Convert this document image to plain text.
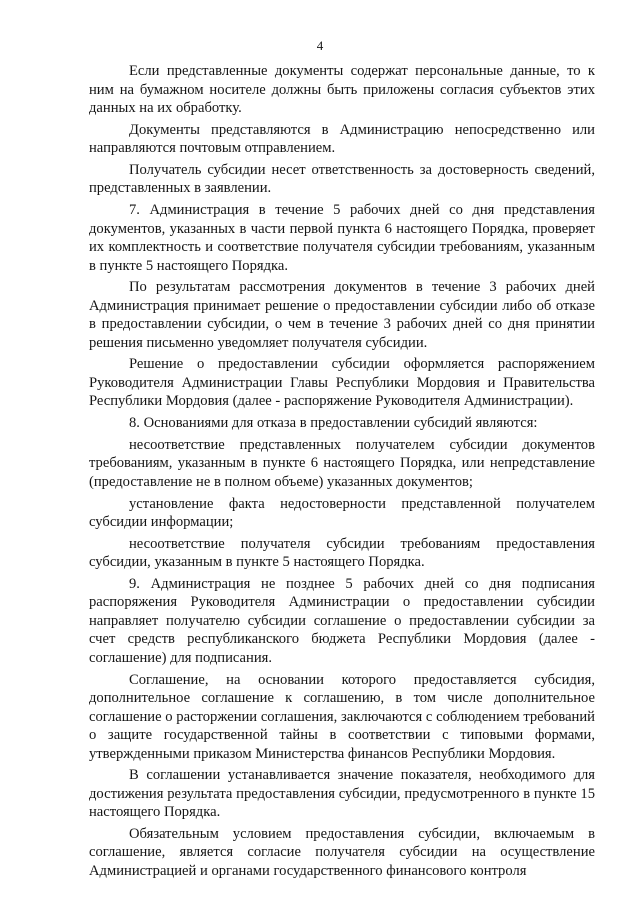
4

Если представленные документы содержат персональные данные, то к ним на бумажном носителе должны быть приложены согласия субъектов этих данных на их обработку.

Документы представляются в Администрацию непосредственно или направляются почтовым отправлением.

Получатель субсидии несет ответственность за достоверность сведений, представленных в заявлении.

7. Администрация в течение 5 рабочих дней со дня представления документов, указанных в части первой пункта 6 настоящего Порядка, проверяет их комплектность и соответствие получателя субсидии требованиям, указанным в пункте 5 настоящего Порядка.

По результатам рассмотрения документов в течение 3 рабочих дней Администрация принимает решение о предоставлении субсидии либо об отказе в предоставлении субсидии, о чем в течение 3 рабочих дней со дня принятии решения письменно уведомляет получателя субсидии.

Решение о предоставлении субсидии оформляется распоряжением Руководителя Администрации Главы Республики Мордовия и Правительства Республики Мордовия (далее - распоряжение Руководителя Администрации).

8. Основаниями для отказа в предоставлении субсидий являются:

несоответствие представленных получателем субсидии документов требованиям, указанным в пункте 6 настоящего Порядка, или непредставление (предоставление не в полном объеме) указанных документов;

установление факта недостоверности представленной получателем субсидии информации;

несоответствие получателя субсидии требованиям предоставления субсидии, указанным в пункте 5 настоящего Порядка.

9. Администрация не позднее 5 рабочих дней со дня подписания распоряжения Руководителя Администрации о предоставлении субсидии направляет получателю субсидии соглашение о предоставлении субсидии за счет средств республиканского бюджета Республики Мордовия (далее - соглашение) для подписания.

Соглашение, на основании которого предоставляется субсидия, дополнительное соглашение к соглашению, в том числе дополнительное соглашение о расторжении соглашения, заключаются с соблюдением требований о защите государственной тайны в соответствии с типовыми формами, утвержденными приказом Министерства финансов Республики Мордовия.

В соглашении устанавливается значение показателя, необходимого для достижения результата предоставления субсидии, предусмотренного в пункте 15 настоящего Порядка.

Обязательным условием предоставления субсидии, включаемым в соглашение, является согласие получателя субсидии на осуществление Администрацией и органами государственного финансового контроля
